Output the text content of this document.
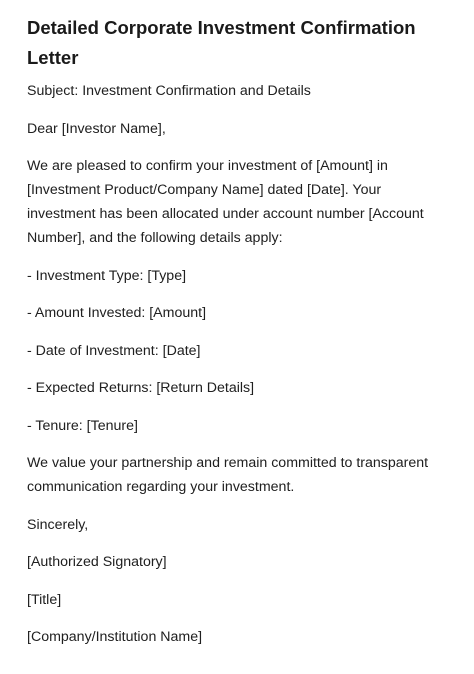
Detailed Corporate Investment Confirmation Letter

Subject: Investment Confirmation and Details

Dear [Investor Name],

We are pleased to confirm your investment of [Amount] in [Investment Product/Company Name] dated [Date]. Your investment has been allocated under account number [Account Number], and the following details apply:

- Investment Type: [Type]

- Amount Invested: [Amount]

- Date of Investment: [Date]

- Expected Returns: [Return Details]

- Tenure: [Tenure]

We value your partnership and remain committed to transparent communication regarding your investment.

Sincerely,

[Authorized Signatory]

[Title]

[Company/Institution Name]
